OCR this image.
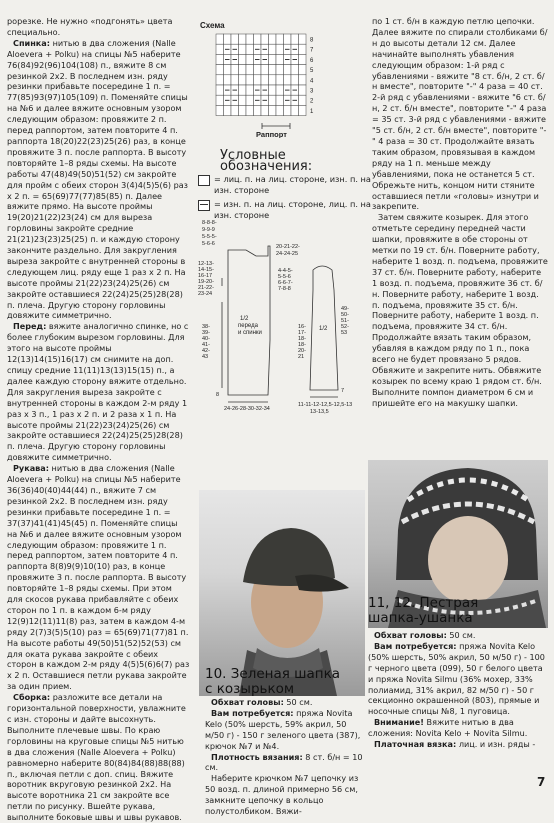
рорезке. Не нужно «подгонять» цвета специально.

Спинка: нитью в два сложения (Nalle Aloevera + Polku) на спицы №5 наберите 76(84)92(96)104(108) п., вяжите 8 см резинкой 2х2. В последнем изн. ряду резинки прибавьте посередине 1 п. = 77(85)93(97)105(109) п. Поменяйте спицы на №6 и далее вяжите основным узором следующим образом: провяжите 2 п. перед раппортом, затем повторите 4 п. раппорта 18(20)22(23)25(26) раз, в конце провяжите 3 п. после раппорта. В высоту повторяйте 1–8 ряды схемы. На высоте работы 47(48)49(50)51(52) см закройте для пройм с обеих сторон 3(4)4(5)5(6) раз х 2 п. = 65(69)77(77)85(85) п. Далее вяжите прямо. На высоте проймы 19(20)21(22)23(24) см для выреза горловины закройте средние 21(21)23(23)25(25) п. и каждую сторону закончите раздельно. Для закругления выреза закройте с внутренней стороны в следующем лиц. ряду еще 1 раз х 2 п. На высоте проймы 21(22)23(24)25(26) см закройте оставшиеся 22(24)25(25)28(28) п. плеча. Другую сторону горловины довяжите симметрично.

Перед: вяжите аналогично спинке, но с более глубоким вырезом горловины. Для этого на высоте проймы 12(13)14(15)16(17) см снимите на доп. спицу средние 11(11)13(13)15(15) п., а далее каждую сторону вяжите отдельно. Для закругления выреза закройте с внутренней стороны в каждом 2-м ряду 1 раз х 3 п., 1 раз х 2 п. и 2 раза х 1 п. На высоте проймы 21(22)23(24)25(26) см закройте оставшиеся 22(24)25(25)28(28) п. плеча. Другую сторону горловины довяжите симметрично.

Рукава: нитью в два сложения (Nalle Aloevera + Polku) на спицы №5 наберите 36(36)40(40)44(44) п., вяжите 7 см резинкой 2х2. В последнем изн. ряду резинки прибавьте посередине 1 п. = 37(37)41(41)45(45) п. Поменяйте спицы на №6 и далее вяжите основным узором следующим образом: провяжите 1 п. перед раппортом, затем повторите 4 п. раппорта 8(8)9(9)10(10) раз, в конце провяжите 3 п. после раппорта. В высоту повторяйте 1–8 ряды схемы. При этом для скосов рукава прибавляйте с обеих сторон по 1 п. в каждом 6-м ряду 12(9)12(11)11(8) раз, затем в каждом 4-м ряду 2(7)3(5)5(10) раз = 65(69)71(77)81 п. На высоте работы 49(50)51(52)52(53) см для оката рукава закройте с обеих сторон в каждом 2-м ряду 4(5)5(6)6(7) раз х 2 п. Оставшиеся петли рукава закройте за один прием.

Сборка: разложите все детали на горизонтальной поверхности, увлажните с изн. стороны и дайте высохнуть. Выполните плечевые швы. По краю горловины на круговые спицы №5 нитью в два сложения (Nalle Aloevera + Polku) равномерно наберите 80(84)84(88)88(88) п., включая петли с доп. спиц. Вяжите воротник вкруговую резинкой 2х2. На высоте воротника 21 см закройте все петли по рисунку. Вшейте рукава, выполните боковые швы и швы рукавов.

Схема
8
7
6
5
4
3
2
1
Раппорт
Условные обозначения:
= лиц. п. на лиц. стороне, изн. п. на изн. стороне
= изн. п. на лиц. стороне, лиц. п. на изн. стороне
8-8-8-
9-9-9
5-5-5-
5-6-6	20-21-22-
24-24-25
12-13-
14-15-
16-17
19-20-
21-22-
23-24
4-4-5-
5-5-6
6-6-7-
7-8-8
38-
39-
40-
41-
42-
43
1/2
переда
и спинки
1/2
16-
17-
18-
18-
20-
21
49-
50-
51-
52-
53
8
7
24-26-28-30-32-34
11-11-12-12,5-12,5-13
13-13,5

по 1 ст. б/н в каждую петлю цепочки. Далее вяжите по спирали столбиками б/н до высоты детали 12 см. Далее начинайте выполнять убавления следующим образом: 1-й ряд с убавлениями - вяжите "8 ст. б/н, 2 ст. б/н вместе", повторите "-" 4 раза = 40 ст. 2-й ряд с убавлениями - вяжите "6 ст. б/н, 2 ст. б/н вместе", повторите "-" 4 раза = 35 ст. 3-й ряд с убавлениями - вяжите "5 ст. б/н, 2 ст. б/н вместе", повторите "-" 4 раза = 30 ст. Продолжайте вязать таким образом, провязывая в каждом ряду на 1 п. меньше между убавлениями, пока не останется 5 ст. Обрежьте нить, концом нити стяните оставшиеся петли «головы» изнутри и закрепите.

Затем свяжите козырек. Для этого отметьте середину передней части шапки, провяжите в обе стороны от метки по 19 ст. б/н. Поверните работу, наберите 1 возд. п. подъема, провяжите 37 ст. б/н. Поверните работу, наберите 1 возд. п. подъема, провяжите 36 ст. б/н. Поверните работу, наберите 1 возд. п. подъема, провяжите 35 ст. б/н. Поверните работу, наберите 1 возд. п. подъема, провяжите 34 ст. б/н. Продолжайте вязать таким образом, убавляя в каждом ряду по 1 п., пока всего не будет провязано 5 рядов. Обвяжите и закрепите нить. Обвяжите козырек по всему краю 1 рядом ст. б/н. Выполните помпон диаметром 6 см и пришейте его на макушку шапки.

10. Зеленая шапка
с козырьком
11, 12. Пестрая
шапка-ушанка

Обхват головы: 50 см.

Вам потребуется: пряжа Novita Kelo (50% шерсть, 59% акрил, 50 м/50 г) - 150 г зеленого цвета (387), крючок №7 и №4.

Плотность вязания: 8 ст. б/н = 10 см.

Наберите крючком №7 цепочку из 50 возд. п. длиной примерно 56 см, замкните цепочку в кольцо полустолбиком. Вяжи-

Обхват головы: 50 см.

Вам потребуется: пряжа Novita Kelo (50% шерсть, 50% акрил, 50 м/50 г) - 100 г черного цвета (099), 50 г белого цвета и пряжа Novita Silmu (36% мохер, 33% полиамид, 31% акрил, 82 м/50 г) - 50 г секционно окрашенной (803), прямые и носочные спицы №8, 1 пуговица.

Внимание! Вяжите нитью в два сложения: Novita Kelo + Novita Silmu.

Платочная вязка: лиц. и изн. ряды -

7
